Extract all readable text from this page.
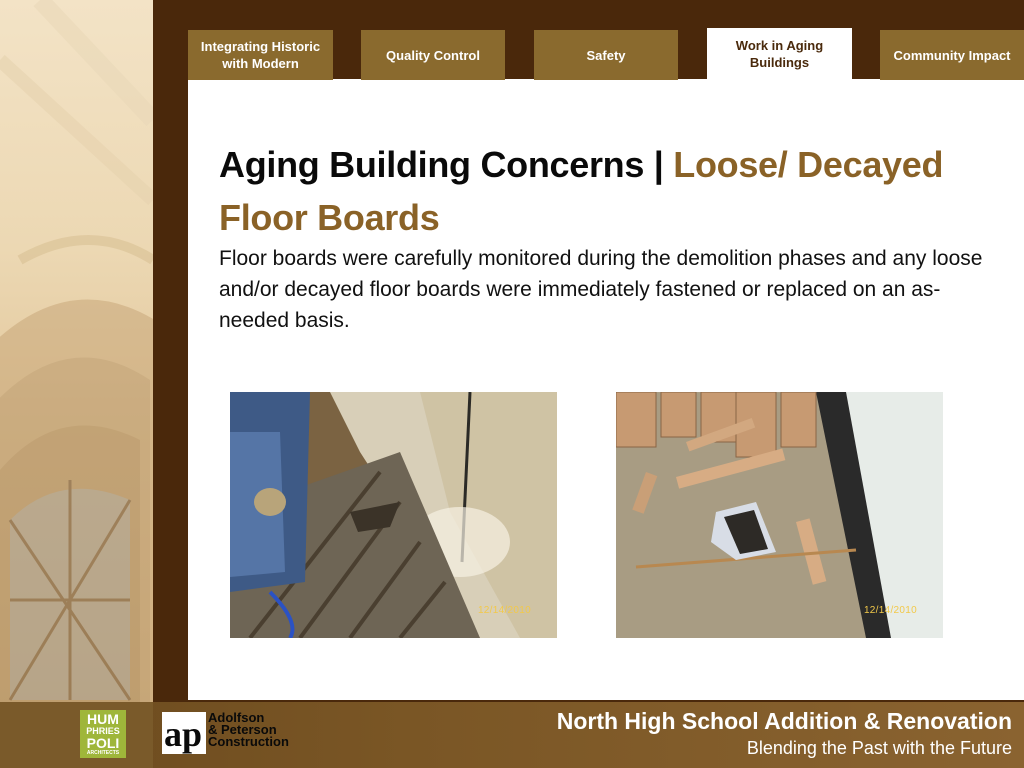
Integrating Historic with Modern
Quality Control	Safety
Work in Aging Buildings	Community Impact
Aging Building Concerns | Loose/ Decayed Floor Boards

Floor boards were carefully monitored during the demolition phases and any loose and/or decayed floor boards were immediately fastened or replaced on an as-needed basis.

12/14/2010	12/14/2010
HUM
PHRIES
POLI
ARCHITECTS ap Adolfson
& Peterson
Construction
North High School Addition & Renovation
Blending the Past with the Future
